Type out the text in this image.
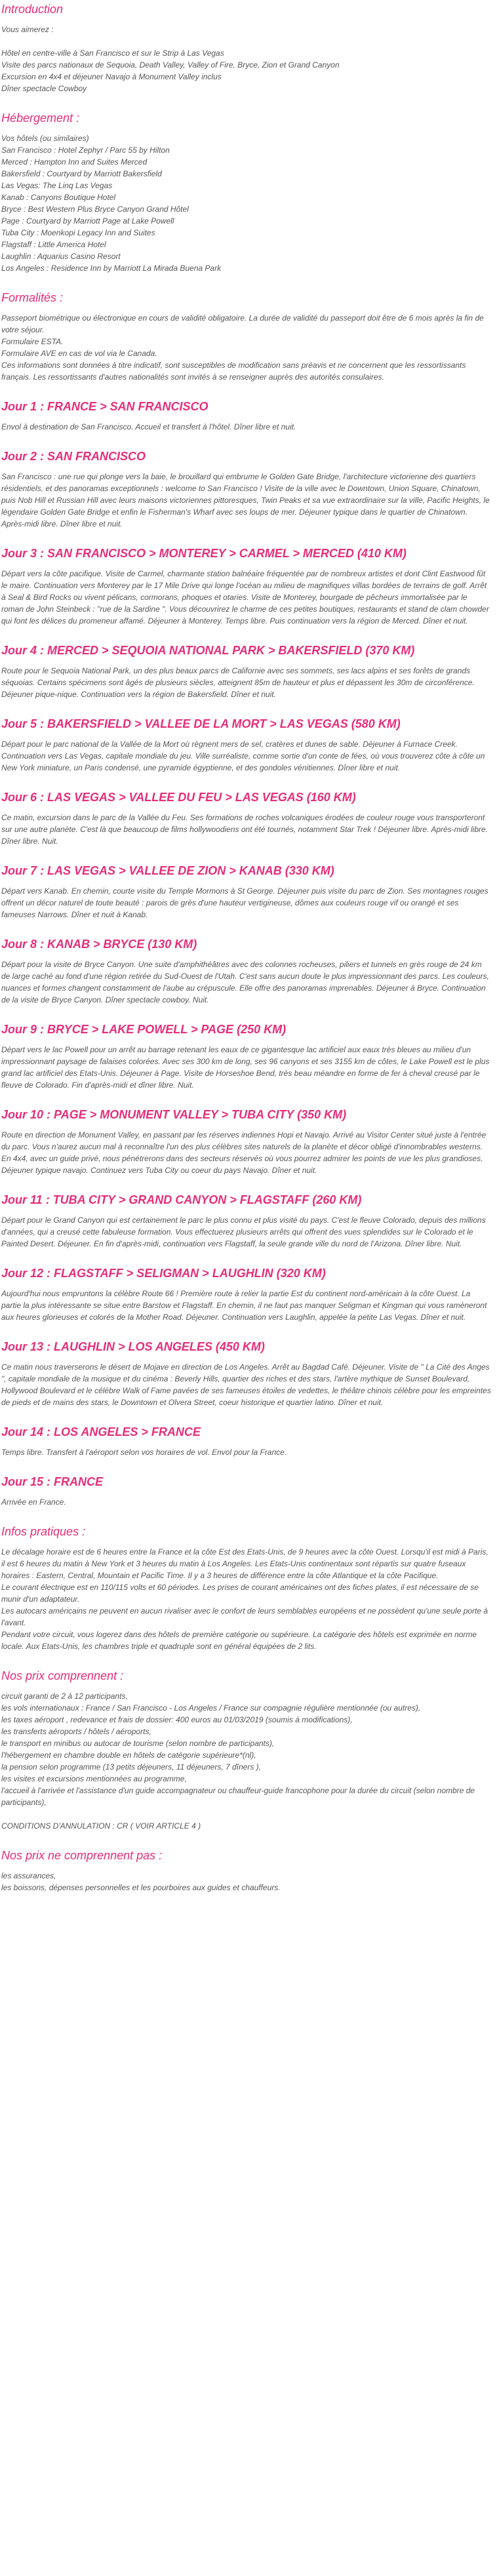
Introduction

Vous aimerez :

Hôtel en centre-ville à San Francisco et sur le Strip à Las Vegas

Visite des parcs nationaux de Sequoia, Death Valley, Valley of Fire, Bryce, Zion et Grand Canyon

Excursion en 4x4 et déjeuner Navajo à Monument Valley inclus

Dîner spectacle Cowboy

Hébergement :

Vos hôtels (ou similaires)

San Francisco : Hotel Zephyr / Parc 55 by Hilton

Merced : Hampton Inn and Suites Merced

Bakersfield : Courtyard by Marriott Bakersfield

Las Vegas: The Linq Las Vegas

Kanab : Canyons Boutique Hotel

Bryce : Best Western Plus Bryce Canyon Grand Hôtel

Page : Courtyard by Marriott Page at Lake Powell

Tuba City : Moenkopi Legacy Inn and Suites

Flagstaff : Little America Hotel

Laughlin : Aquarius Casino Resort

Los Angeles : Residence Inn by Marriott La Mirada Buena Park

Formalités :

Passeport biométrique ou électronique en cours de validité obligatoire. La durée de validité du passeport doit être de 6 mois après la fin de votre séjour.

Formulaire ESTA.

Formulaire AVE en cas de vol via le Canada.

Ces informations sont données à titre indicatif, sont susceptibles de modification sans préavis et ne concernent que les ressortissants français. Les ressortissants d'autres nationalités sont invités à se renseigner auprès des autorités consulaires.

Jour 1 : FRANCE > SAN FRANCISCO

Envol à destination de San Francisco. Accueil et transfert à l'hôtel. Dîner libre et nuit.

Jour 2 : SAN FRANCISCO

San Francisco : une rue qui plonge vers la baie, le brouillard qui embrume le Golden Gate Bridge, l'architecture victorienne des quartiers résidentiels, et des panoramas exceptionnels : welcome to San Francisco ! Visite de la ville avec le Downtown, Union Square, Chinatown, puis Nob Hill et Russian Hill avec leurs maisons victoriennes pittoresques, Twin Peaks et sa vue extraordinaire sur la ville, Pacific Heights, le légendaire Golden Gate Bridge et enfin le Fisherman's Wharf avec ses loups de mer. Déjeuner typique dans le quartier de Chinatown. Après-midi libre. Dîner libre et nuit.

Jour 3 : SAN FRANCISCO > MONTEREY > CARMEL > MERCED (410 KM)

Départ vers la côte pacifique. Visite de Carmel, charmante station balnéaire fréquentée par de nombreux artistes et dont Clint Eastwood fût le maire. Continuation vers Monterey par le 17 Mile Drive qui longe l'océan au milieu de magnifiques villas bordées de terrains de golf. Arrêt à Seal & Bird Rocks ou vivent pélicans, cormorans, phoques et otaries. Visite de Monterey, bourgade de pêcheurs immortalisée par le roman de John Steinbeck : "rue de la Sardine ". Vous découvrirez le charme de ces petites boutiques, restaurants et stand de clam chowder qui font les délices du promeneur affamé. Déjeuner à Monterey. Temps libre. Puis continuation vers la région de Merced. Dîner et nuit.

Jour 4 : MERCED > SEQUOIA NATIONAL PARK > BAKERSFIELD (370 KM)

Route pour le Sequoia National Park, un des plus beaux parcs de Californie avec ses sommets, ses lacs alpins et ses forêts de grands séquoias. Certains spécimens sont âgés de plusieurs siècles, atteignent 85m de hauteur et plus et dépassent les 30m de circonférence. Déjeuner pique-nique. Continuation vers la région de Bakersfield. Dîner et nuit.

Jour 5 : BAKERSFIELD > VALLEE DE LA MORT > LAS VEGAS (580 KM)

Départ pour le parc national de la Vallée de la Mort où règnent mers de sel, cratères et dunes de sable. Déjeuner à Furnace Creek. Continuation vers Las Vegas, capitale mondiale du jeu. Ville surréaliste, comme sortie d'un conte de fées, où vous trouverez côte à côte un New York miniature, un Paris condensé, une pyramide égyptienne, et des gondoles vénitiennes. Dîner libre et nuit.

Jour 6 : LAS VEGAS > VALLEE DU FEU > LAS VEGAS (160 KM)

Ce matin, excursion dans le parc de la Vallée du Feu. Ses formations de roches volcaniques érodées de couleur rouge vous transporteront sur une autre planète. C'est là que beaucoup de films hollywoodiens ont été tournés, notamment Star Trek ! Déjeuner libre. Après-midi libre. Dîner libre. Nuit.

Jour 7 : LAS VEGAS > VALLEE DE ZION > KANAB (330 KM)

Départ vers Kanab. En chemin, courte visite du Temple Mormons à St George. Déjeuner puis visite du parc de Zion. Ses montagnes rouges offrent un décor naturel de toute beauté : parois de grès d'une hauteur vertigineuse, dômes aux couleurs rouge vif ou orangé et ses fameuses Narrows. Dîner et nuit à Kanab.

Jour 8 : KANAB > BRYCE (130 KM)

Départ pour la visite de Bryce Canyon. Une suite d'amphithéâtres avec des colonnes rocheuses, piliers et tunnels en grès rouge de 24 km de large caché au fond d'une région retirée du Sud-Ouest de l'Utah. C'est sans aucun doute le plus impressionnant des parcs. Les couleurs, nuances et formes changent constamment de l'aube au crépuscule. Elle offre des panoramas imprenables. Déjeuner à Bryce. Continuation de la visite de Bryce Canyon. Dîner spectacle cowboy. Nuit.

Jour 9 : BRYCE > LAKE POWELL > PAGE (250 KM)

Départ vers le lac Powell pour un arrêt au barrage retenant les eaux de ce gigantesque lac artificiel aux eaux très bleues au milieu d'un impressionnant paysage de falaises colorées. Avec ses 300 km de long, ses 96 canyons et ses 3155 km de côtes, le Lake Powell est le plus grand lac artificiel des Etats-Unis. Déjeuner à Page. Visite de Horseshoe Bend, très beau méandre en forme de fer à cheval creusé par le fleuve de Colorado. Fin d'après-midi et dîner libre. Nuit.

Jour 10 : PAGE > MONUMENT VALLEY > TUBA CITY (350 KM)

Route en direction de Monument Valley, en passant par les réserves indiennes Hopi et Navajo. Arrivé au Visitor Center situé juste à l'entrée du parc. Vous n'aurez aucun mal à reconnaître l'un des plus célèbres sites naturels de la planète et décor obligé d'innombrables westerns. En 4x4, avec un guide privé, nous pénétrerons dans des secteurs réservés où vous pourrez admirer les points de vue les plus grandioses. Déjeuner typique navajo. Continuez vers Tuba City ou coeur du pays Navajo. Dîner et nuit.

Jour 11 : TUBA CITY > GRAND CANYON > FLAGSTAFF (260 KM)

Départ pour le Grand Canyon qui est certainement le parc le plus connu et plus visité du pays. C'est le fleuve Colorado, depuis des millions d'années, qui a creusé cette fabuleuse formation. Vous effectuerez plusieurs arrêts qui offrent des vues splendides sur le Colorado et le Painted Desert. Déjeuner. En fin d'après-midi, continuation vers Flagstaff, la seule grande ville du nord de l'Arizona. Dîner libre. Nuit.

Jour 12 : FLAGSTAFF > SELIGMAN > LAUGHLIN (320 KM)

Aujourd'hui nous empruntons la célèbre Route 66 ! Première route à relier la partie Est du continent nord-américain à la côte Ouest. La partie la plus intéressante se situe entre Barstow et Flagstaff. En chemin, il ne faut pas manquer Seligman et Kingman qui vous ramèneront aux heures glorieuses et colorés de la Mother Road. Déjeuner. Continuation vers Laughlin, appelée la petite Las Vegas. Dîner et nuit.

Jour 13 : LAUGHLIN > LOS ANGELES (450 KM)

Ce matin nous traverserons le désert de Mojave en direction de Los Angeles. Arrêt au Bagdad Café. Déjeuner. Visite de " La Cité des Anges ", capitale mondiale de la musique et du cinéma : Beverly Hills, quartier des riches et des stars, l'artère mythique de Sunset Boulevard, Hollywood Boulevard et le célèbre Walk of Fame pavées de ses fameuses étoiles de vedettes, le théâtre chinois célèbre pour les empreintes de pieds et de mains des stars, le Downtown et Olvera Street, coeur historique et quartier latino. Dîner et nuit.

Jour 14 : LOS ANGELES > FRANCE

Temps libre. Transfert à l'aéroport selon vos horaires de vol. Envol pour la France.

Jour 15 : FRANCE

Arrivée en France.

Infos pratiques :

Le décalage horaire est de 6 heures entre la France et la côte Est des Etats-Unis, de 9 heures avec la côte Ouest. Lorsqu'il est midi à Paris, il est 6 heures du matin à New York et 3 heures du matin à Los Angeles. Les Etats-Unis continentaux sont répartis sur quatre fuseaux horaires : Eastern, Central, Mountain et Pacific Time. Il y a 3 heures de différence entre la côte Atlantique et la côte Pacifique.

Le courant électrique est en 110/115 volts et 60 périodes. Les prises de courant américaines ont des fiches plates, il est nécessaire de se munir d'un adaptateur.

Les autocars américains ne peuvent en aucun rivaliser avec le confort de leurs semblables européens et ne possèdent qu'une seule porte à l'avant.

Pendant votre circuit, vous logerez dans des hôtels de première catégorie ou supérieure. La catégorie des hôtels est exprimée en norme locale. Aux Etats-Unis, les chambres triple et quadruple sont en général équipées de 2 lits.

Nos prix comprennent :

circuit garanti de 2 à 12 participants,

les vols internationaux : France / San Francisco - Los Angeles / France sur compagnie régulière mentionnée (ou autres),

les taxes aéroport , redevance et frais de dossier: 400 euros au 01/03/2019 (soumis à modifications),

les transferts aéroports / hôtels / aéroports,

le transport en minibus ou autocar de tourisme (selon nombre de participants),

l'hébergement en chambre double en hôtels de catégorie supérieure*(nl),

la pension selon programme (13 petits déjeuners, 11 déjeuners, 7 dîners ),

les visites et excursions mentionnées au programme,

l'accueil à l'arrivée et l'assistance d'un guide accompagnateur ou chauffeur-guide francophone pour la durée du circuit (selon nombre de participants),

CONDITIONS D'ANNULATION : CR ( VOIR ARTICLE 4 )

Nos prix ne comprennent pas :

les assurances,

les boissons, dépenses personnelles et les pourboires aux guides et chauffeurs.
